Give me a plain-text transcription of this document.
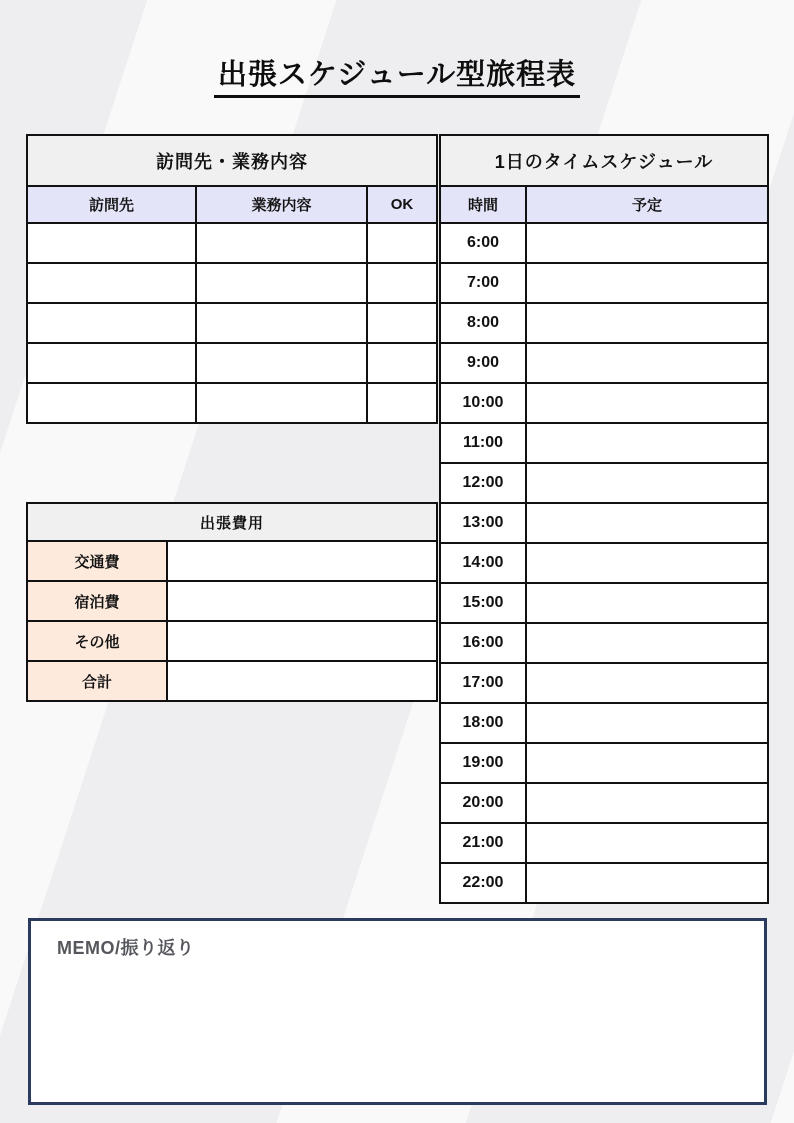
出張スケジュール型旅程表
訪問先・業務内容
訪問先	業務内容	OK
1日のタイムスケジュール
時間	予定
6:00
7:00
8:00
9:00
10:00
11:00
12:00
13:00
14:00
15:00
16:00
17:00
18:00
19:00
20:00
21:00
22:00
出張費用
交通費
宿泊費
その他
合計
MEMO/振り返り
